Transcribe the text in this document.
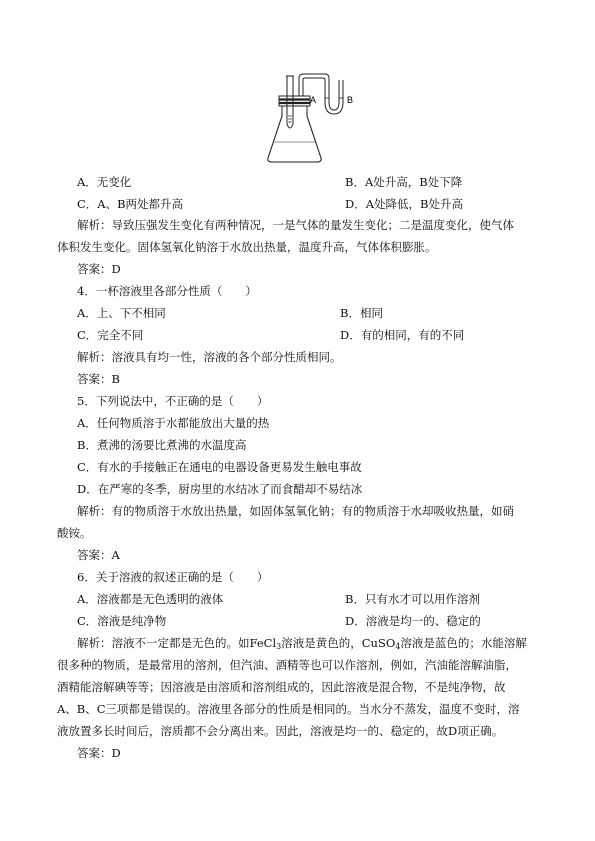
A	B
A．无变化	B．A处升高，B处下降
C．A、B两处都升高	D．A处降低，B处升高
解析：导致压强发生变化有两种情况，一是气体的量发生变化；二是温度变化，使气体
体积发生变化。固体氢氧化钠溶于水放出热量，温度升高，气体体积膨胀。
答案：D
4．一杯溶液里各部分性质（　　）
A．上、下不相同	B．相同
C．完全不同	D．有的相同，有的不同
解析：溶液具有均一性，溶液的各个部分性质相同。
答案：B
5．下列说法中，不正确的是（　　）
A．任何物质溶于水都能放出大量的热
B．煮沸的汤要比煮沸的水温度高
C．有水的手接触正在通电的电器设备更易发生触电事故
D．在严寒的冬季，厨房里的水结冰了而食醋却不易结冰
解析：有的物质溶于水放出热量，如固体氢氧化钠；有的物质溶于水却吸收热量，如硝
酸铵。
答案：A
6．关于溶液的叙述正确的是（　　）
A．溶液都是无色透明的液体	B．只有水才可以用作溶剂
C．溶液是纯净物	D．溶液是均一的、稳定的
解析：溶液不一定都是无色的。如FeCl$_3$溶液是黄色的，CuSO$_4$溶液是蓝色的；水能溶解
很多种的物质，是最常用的溶剂，但汽油、酒精等也可以作溶剂，例如，汽油能溶解油脂，
酒精能溶解碘等等；因溶液是由溶质和溶剂组成的，因此溶液是混合物，不是纯净物，故
A、B、C三项都是错误的。溶液里各部分的性质是相同的。当水分不蒸发，温度不变时，溶
液放置多长时间后，溶质都不会分离出来。因此，溶液是均一的、稳定的，故D项正确。
答案：D
